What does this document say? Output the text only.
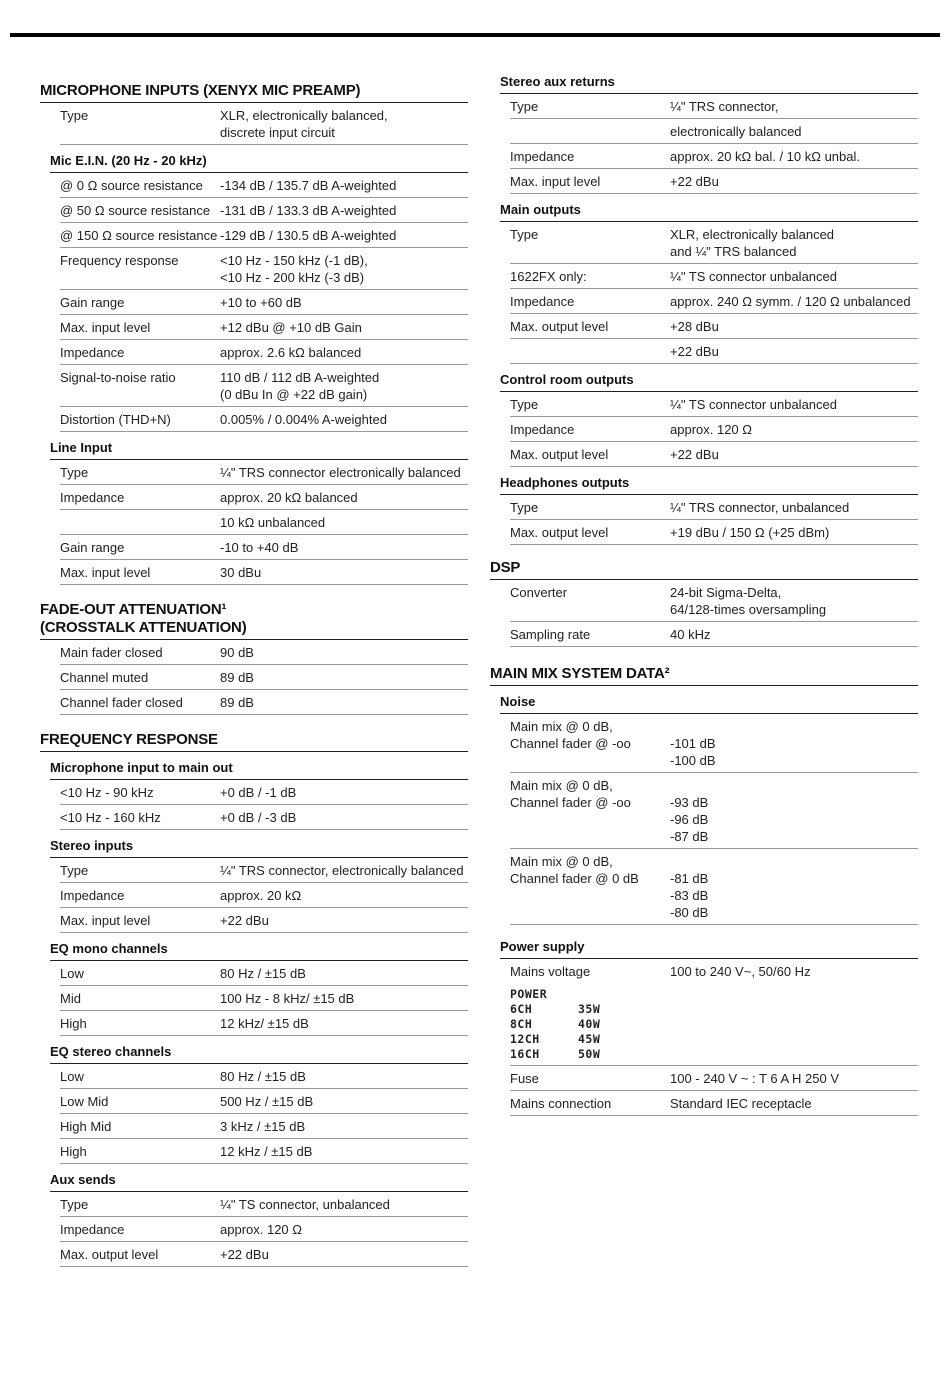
MICROPHONE INPUTS (XENYX MIC PREAMP)
Type	XLR, electronically balanced,
discrete input circuit
Mic E.I.N. (20 Hz - 20 kHz)
@ 0 Ω source resistance	-134 dB / 135.7 dB A-weighted
@ 50 Ω source resistance -131 dB / 133.3 dB A-weighted
@ 150 Ω source resistance -129 dB / 130.5 dB A-weighted
Frequency response	<10 Hz - 150 kHz (-1 dB),
<10 Hz - 200 kHz (-3 dB)
Gain range	+10 to +60 dB
Max. input level	+12 dBu @ +10 dB Gain
Impedance	approx. 2.6 kΩ balanced
Signal-to-noise ratio	110 dB / 112 dB A-weighted
(0 dBu In @ +22 dB gain)
Distortion (THD+N)	0.005% / 0.004% A-weighted
Line Input
Type	¼" TRS connector electronically balanced
Impedance	approx. 20 kΩ balanced
10 kΩ unbalanced
Gain range	-10 to +40 dB
Max. input level	30 dBu
FADE-OUT ATTENUATION¹
(CROSSTALK ATTENUATION)
Main fader closed	90 dB
Channel muted	89 dB
Channel fader closed	89 dB
FREQUENCY RESPONSE
Microphone input to main out
<10 Hz - 90 kHz	+0 dB / -1 dB
<10 Hz - 160 kHz	+0 dB / -3 dB
Stereo inputs
Type	¼" TRS connector, electronically balanced
Impedance	approx. 20 kΩ
Max. input level	+22 dBu
EQ mono channels
Low	80 Hz / ±15 dB
Mid	100 Hz - 8 kHz/ ±15 dB
High	12 kHz/ ±15 dB
EQ stereo channels
Low	80 Hz / ±15 dB
Low Mid	500 Hz / ±15 dB
High Mid	3 kHz / ±15 dB
High	12 kHz / ±15 dB
Aux sends
Type	¼" TS connector, unbalanced
Impedance	approx. 120 Ω
Max. output level	+22 dBu
Stereo aux returns
Type	¼" TRS connector,
electronically balanced
Impedance	approx. 20 kΩ bal. / 10 kΩ unbal.
Max. input level	+22 dBu
Main outputs
Type	XLR, electronically balanced
and ¼" TRS balanced
1622FX only:	¼" TS connector unbalanced
Impedance	approx. 240 Ω symm. / 120 Ω unbalanced
Max. output level	+28 dBu
+22 dBu
Control room outputs
Type	¼" TS connector unbalanced
Impedance	approx. 120 Ω
Max. output level	+22 dBu
Headphones outputs
Type	¼" TRS connector, unbalanced
Max. output level	+19 dBu / 150 Ω (+25 dBm)
DSP
Converter	24-bit Sigma-Delta,
64/128-times oversampling
Sampling rate	40 kHz
MAIN MIX SYSTEM DATA²
Noise
Main mix @ 0 dB,
Channel fader @ -oo	-101 dB
-100 dB
Main mix @ 0 dB,
Channel fader @ -oo	-93 dB
-96 dB
-87 dB
Main mix @ 0 dB,
Channel fader @ 0 dB	-81 dB
-83 dB
-80 dB
Power supply
Mains voltage	100 to 240 V~, 50/60 Hz
POWER
6CH	35W
8CH	40W
12CH	45W
16CH	50W
Fuse	100 - 240 V ~ : T 6 A H 250 V
Mains connection	Standard IEC receptacle
